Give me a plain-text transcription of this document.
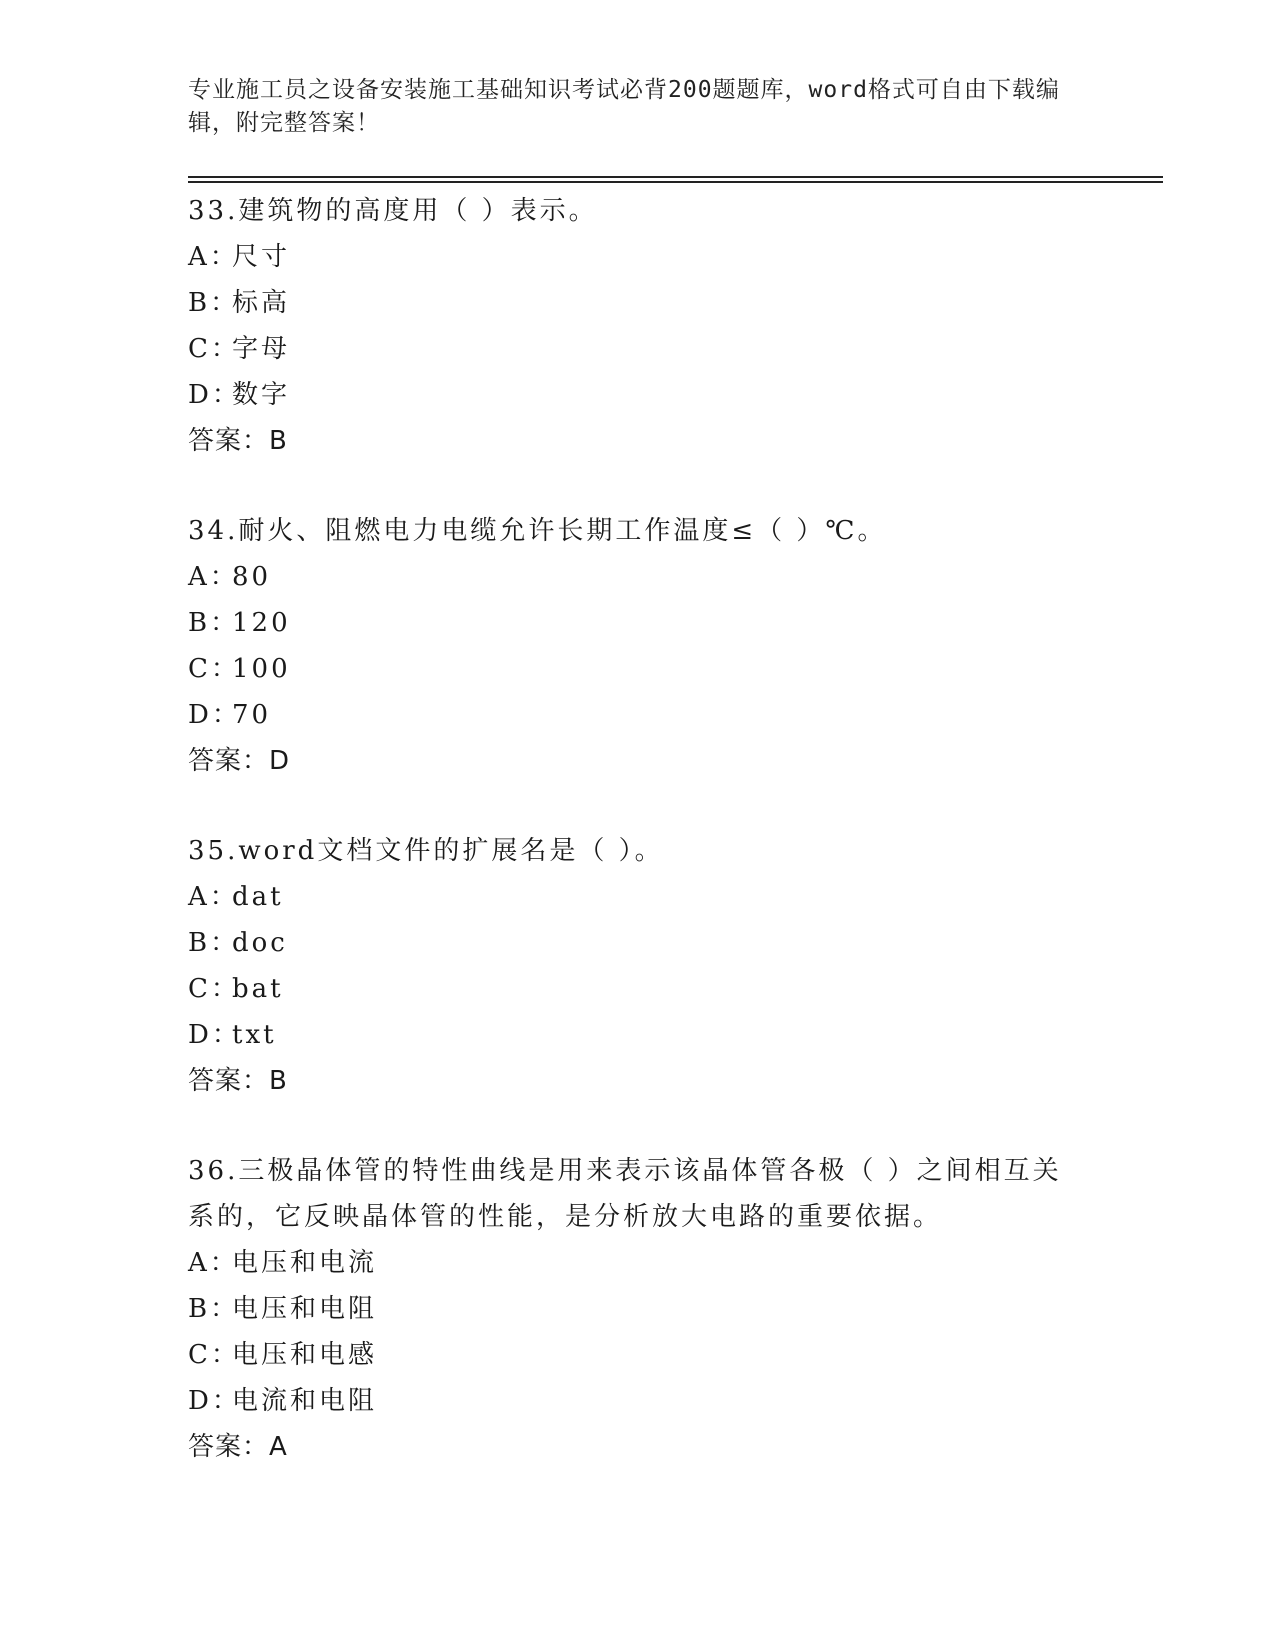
专业施工员之设备安装施工基础知识考试必背200题题库，word格式可自由下载编辑，附完整答案！

33.建筑物的高度用（ ）表示。

A：尺寸

B：标高

C：字母

D：数字

答案：B

34.耐火、阻燃电力电缆允许长期工作温度≤（ ）℃。

A：80

B：120

C：100

D：70

答案：D

35.word文档文件的扩展名是（ ）。

A：dat

B：doc

C：bat

D：txt

答案：B

36.三极晶体管的特性曲线是用来表示该晶体管各极（ ）之间相互关系的，它反映晶体管的性能，是分析放大电路的重要依据。

A：电压和电流

B：电压和电阻

C：电压和电感

D：电流和电阻

答案：A
